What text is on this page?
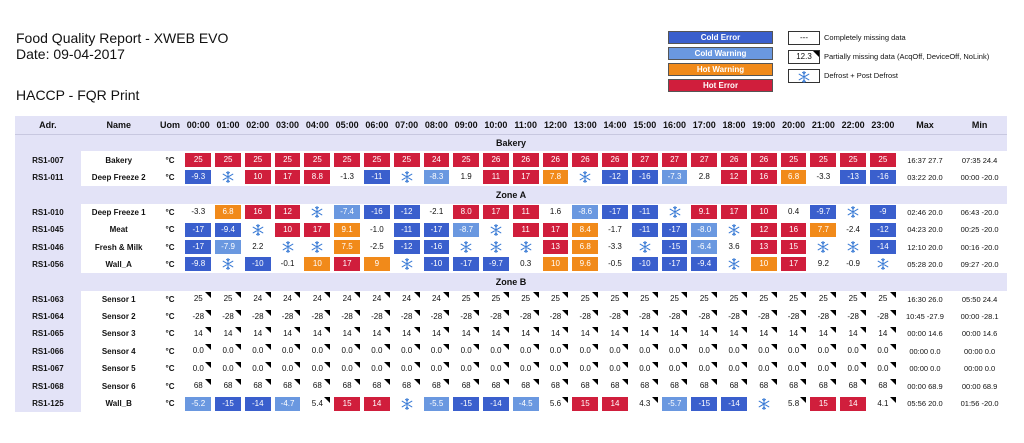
Food Quality Report - XWEB EVO
Date: 09-04-2017
HACCP - FQR Print
Cold Error
Cold Warning
Hot Warning
Hot Error
---	Completely missing data
12.3	Partially missing data (AcqOff, DeviceOff, NoLink)
Defrost + Post Defrost
Adr.	Name	Uom	00:00	01:00	02:00	03:00	04:00	05:00	06:00	07:00	08:00	09:00	10:00	11:00	12:00	13:00	14:00	15:00	16:00	17:00	18:00	19:00	20:00	21:00	22:00	23:00	Max	Min
Bakery																												
RS1-007	Bakery	°C	25	25	25	25	25	25	25	25	24	25	26	26	26	26	26	27	27	27	26	26	25	25	25	25	16:37 27.7	07:35 24.4
RS1-011	Deep Freeze 2	°C	-9.3		10	17	8.8	-1.3	-11		-8.3	1.9	11	17	7.8		-12	-16	-7.3	2.8	12	16	6.8	-3.3	-13	-16	03:22 20.0	00:00 -20.0
Zone A																												
RS1-010	Deep Freeze 1	°C	-3.3	6.8	16	12		-7.4	-16	-12	-2.1	8.0	17	11	1.6	-8.6	-17	-11		9.1	17	10	0.4	-9.7		-9	02:46 20.0	06:43 -20.0
RS1-045	Meat	°C	-17	-9.4		10	17	9.1	-1.0	-11	-17	-8.7		11	17	8.4	-1.7	-11	-17	-8.0		12	16	7.7	-2.4	-12	04:23 20.0	00:25 -20.0
RS1-046	Fresh & Milk	°C	-17	-7.9	2.2			7.5	-2.5	-12	-16				13	6.8	-3.3		-15	-6.4	3.6	13	15			-14	12:10 20.0	00:16 -20.0
RS1-056	Wall_A	°C	-9.8		-10	-0.1	10	17	9		-10	-17	-9.7	0.3	10	9.6	-0.5	-10	-17	-9.4		10	17	9.2	-0.9		05:28 20.0	09:27 -20.0
Zone B																												
RS1-063	Sensor 1	°C	25	25	24	24	24	24	24	24	24	25	25	25	25	25	25	25	25	25	25	25	25	25	25	25	16:30 26.0	05:50 24.4
RS1-064	Sensor 2	°C	-28	-28	-28	-28	-28	-28	-28	-28	-28	-28	-28	-28	-28	-28	-28	-28	-28	-28	-28	-28	-28	-28	-28	-28	10:45 -27.9	00:00 -28.1
RS1-065	Sensor 3	°C	14	14	14	14	14	14	14	14	14	14	14	14	14	14	14	14	14	14	14	14	14	14	14	14	00:00 14.6	00:00 14.6
RS1-066	Sensor 4	°C	0.0	0.0	0.0	0.0	0.0	0.0	0.0	0.0	0.0	0.0	0.0	0.0	0.0	0.0	0.0	0.0	0.0	0.0	0.0	0.0	0.0	0.0	0.0	0.0	00:00 0.0	00:00 0.0
RS1-067	Sensor 5	°C	0.0	0.0	0.0	0.0	0.0	0.0	0.0	0.0	0.0	0.0	0.0	0.0	0.0	0.0	0.0	0.0	0.0	0.0	0.0	0.0	0.0	0.0	0.0	0.0	00:00 0.0	00:00 0.0
RS1-068	Sensor 6	°C	68	68	68	68	68	68	68	68	68	68	68	68	68	68	68	68	68	68	68	68	68	68	68	68	00:00 68.9	00:00 68.9
RS1-125	Wall_B	°C	-5.2	-15	-14	-4.7	5.4	15	14		-5.5	-15	-14	-4.5	5.6	15	14	4.3	-5.7	-15	-14		5.8	15	14	4.1	05:56 20.0	01:56 -20.0
